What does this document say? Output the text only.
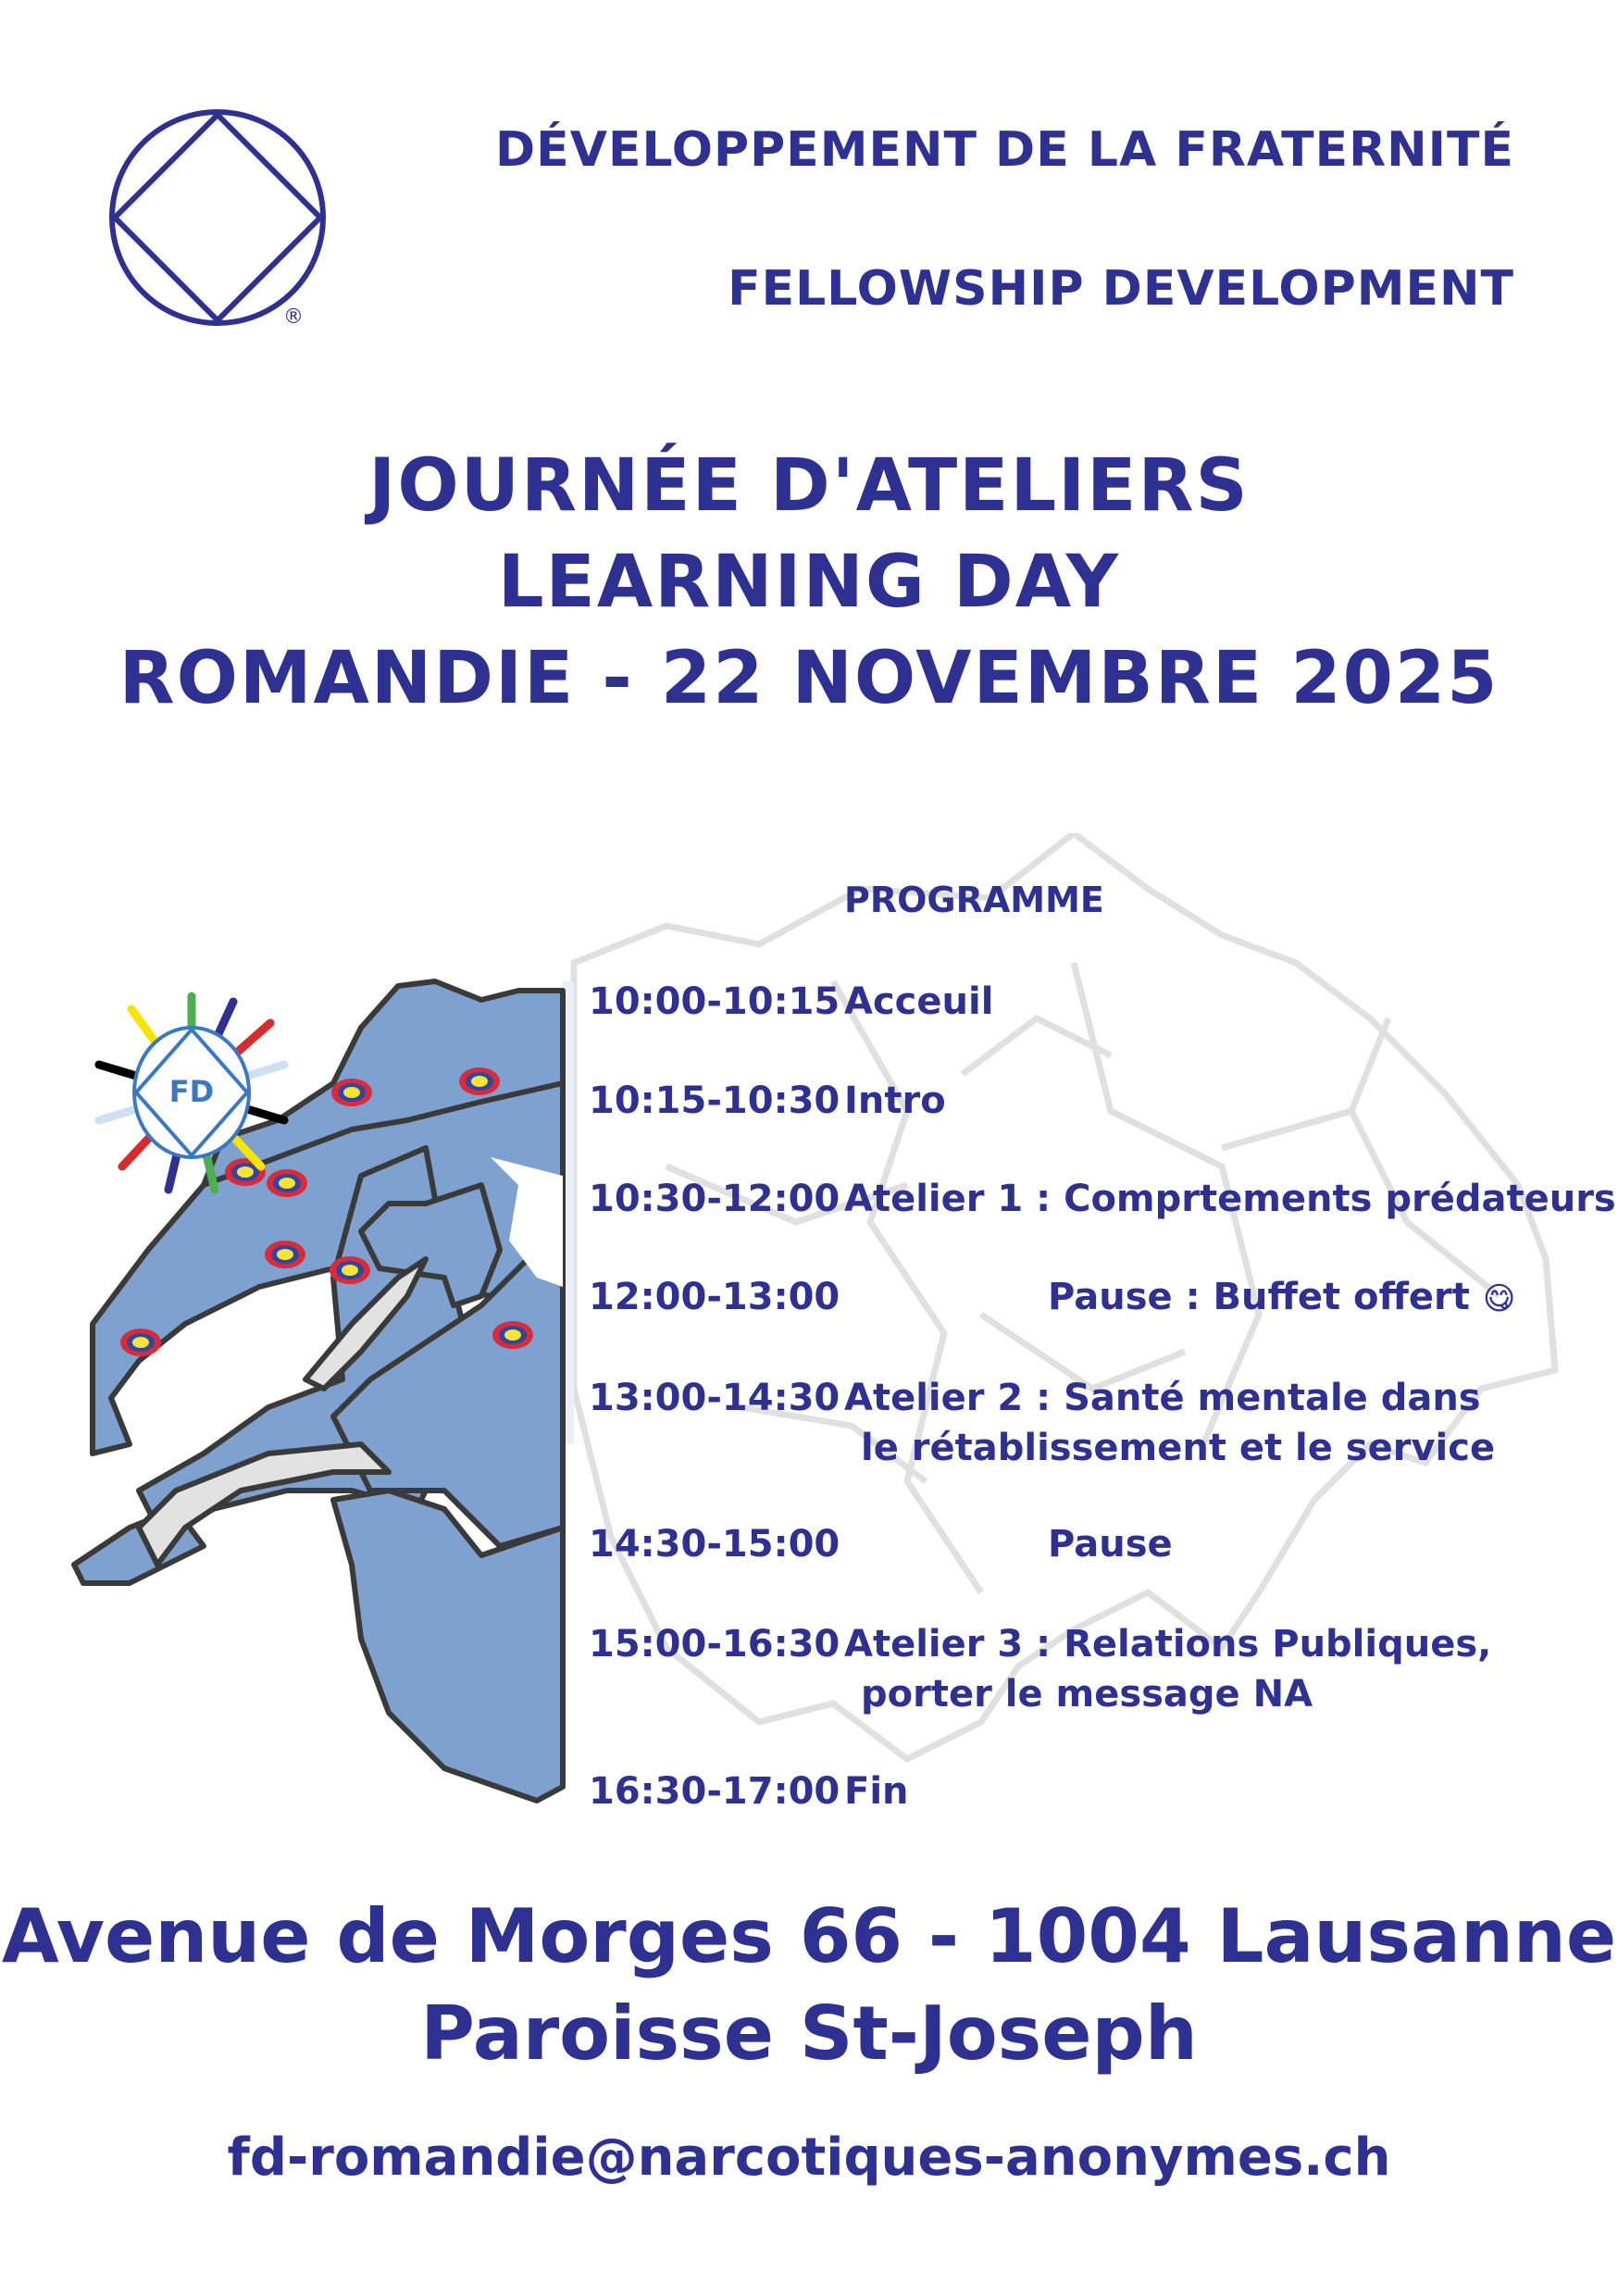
®
DÉVELOPPEMENT DE LA FRATERNITÉ
FELLOWSHIP DEVELOPMENT
JOURNÉE D'ATELIERS
LEARNING DAY
ROMANDIE - 22 NOVEMBRE 2025
FD
PROGRAMME
10:00-10:15 Acceuil
10:15-10:30 Intro
10:30-12:00 Atelier 1 : Comprtements prédateurs
12:00-13:00	Pause : Buffet offert 😋
13:00-14:30 Atelier 2 : Santé mentale dans
le rétablissement et le service
14:30-15:00	Pause
15:00-16:30 Atelier 3 : Relations Publiques,
porter le message NA
16:30-17:00 Fin
Avenue de Morges 66 - 1004 Lausanne
Paroisse St-Joseph
fd-romandie@narcotiques-anonymes.ch
